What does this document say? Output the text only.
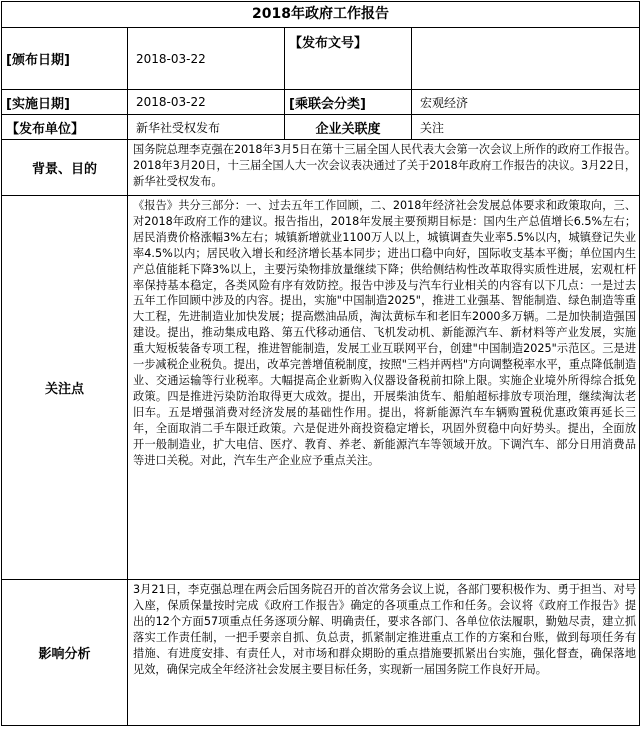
2018年政府工作报告			
[颁布日期]	2018-03-22	【发布文号】	
[实施日期]	2018-03-22	[乘联会分类]	宏观经济
【发布单位】	新华社受权发布	企业关联度	关注
背景、目的	国务院总理李克强在2018年3月5日在第十三届全国人民代表大会第一次会议上所作的政府工作报告。2018年3月20日，十三届全国人大一次会议表决通过了关于2018年政府工作报告的决议。3月22日，新华社受权发布。		
关注点	《报告》共分三部分：一、过去五年工作回顾，二、2018年经济社会发展总体要求和政策取向，三、对2018年政府工作的建议。报告指出，2018年发展主要预期目标是：国内生产总值增长6.5%左右；居民消费价格涨幅3%左右；城镇新增就业1100万人以上，城镇调查失业率5.5%以内，城镇登记失业率4.5%以内；居民收入增长和经济增长基本同步；进出口稳中向好，国际收支基本平衡；单位国内生产总值能耗下降3%以上，主要污染物排放量继续下降；供给侧结构性改革取得实质性进展，宏观杠杆率保持基本稳定，各类风险有序有效防控。报告中涉及与汽车行业相关的内容有以下几点：一是过去五年工作回顾中涉及的内容。提出，实施"中国制造2025"，推进工业强基、智能制造、绿色制造等重大工程，先进制造业加快发展；提高燃油品质，淘汰黄标车和老旧车2000多万辆。二是加快制造强国建设。提出，推动集成电路、第五代移动通信、飞机发动机、新能源汽车、新材料等产业发展，实施重大短板装备专项工程，推进智能制造，发展工业互联网平台，创建"中国制造2025"示范区。三是进一步减税企业税负。提出，改革完善增值税制度，按照"三档并两档"方向调整税率水平，重点降低制造业、交通运输等行业税率。大幅提高企业新购入仪器设备税前扣除上限。实施企业境外所得综合抵免政策。四是推进污染防治取得更大成效。提出，开展柴油货车、船舶超标排放专项治理，继续淘汰老旧车。五是增强消费对经济发展的基础性作用。提出，将新能源汽车车辆购置税优惠政策再延长三年，全面取消二手车限迁政策。六是促进外商投资稳定增长，巩固外贸稳中向好势头。提出，全面放开一般制造业，扩大电信、医疗、教育、养老、新能源汽车等领域开放。下调汽车、部分日用消费品等进口关税。对此，汽车生产企业应予重点关注。		
影响分析	3月21日，李克强总理在两会后国务院召开的首次常务会议上说，各部门要积极作为、勇于担当、对号入座，保质保量按时完成《政府工作报告》确定的各项重点工作和任务。会议将《政府工作报告》提出的12个方面57项重点任务逐项分解、明确责任，要求各部门、各单位依法履职，勤勉尽责，建立抓落实工作责任制，一把手要亲自抓、负总责，抓紧制定推进重点工作的方案和台账，做到每项任务有措施、有进度安排、有责任人，对市场和群众期盼的重点措施要抓紧出台实施，强化督查，确保落地见效，确保完成全年经济社会发展主要目标任务，实现新一届国务院工作良好开局。		
